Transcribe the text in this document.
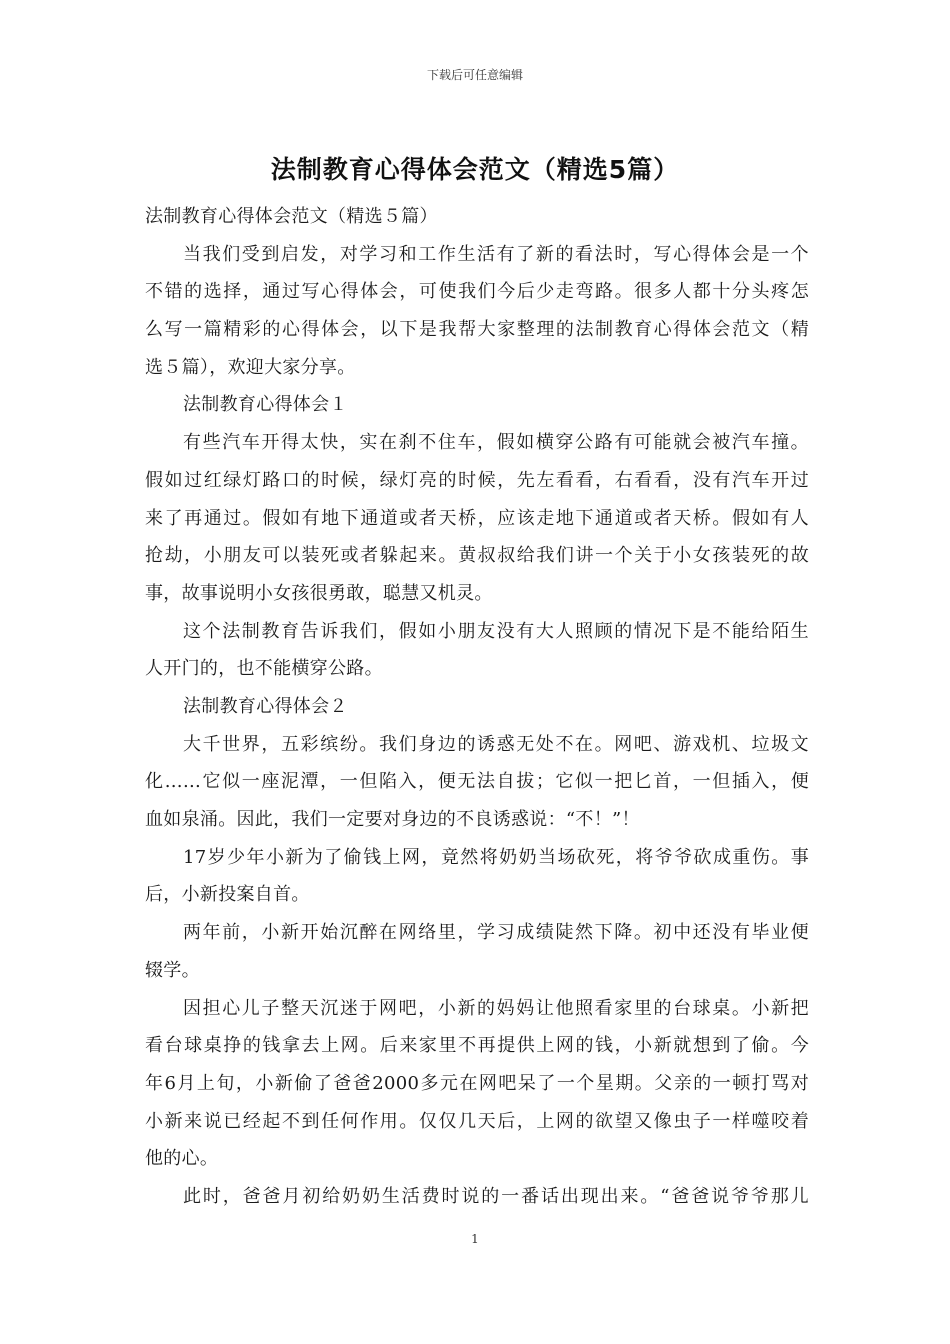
下载后可任意编辑
法制教育心得体会范文（精选5篇）
法制教育心得体会范文（精选５篇）
当我们受到启发，对学习和工作生活有了新的看法时，写心得体会是一个
不错的选择，通过写心得体会，可使我们今后少走弯路。很多人都十分头疼怎
么写一篇精彩的心得体会，以下是我帮大家整理的法制教育心得体会范文（精
选５篇），欢迎大家分享。
法制教育心得体会１
有些汽车开得太快，实在刹不住车，假如横穿公路有可能就会被汽车撞。
假如过红绿灯路口的时候，绿灯亮的时候，先左看看，右看看，没有汽车开过
来了再通过。假如有地下通道或者天桥，应该走地下通道或者天桥。假如有人
抢劫，小朋友可以装死或者躲起来。黄叔叔给我们讲一个关于小女孩装死的故
事，故事说明小女孩很勇敢，聪慧又机灵。
这个法制教育告诉我们，假如小朋友没有大人照顾的情况下是不能给陌生
人开门的，也不能横穿公路。
法制教育心得体会２
大千世界，五彩缤纷。我们身边的诱惑无处不在。网吧、游戏机、垃圾文
化……它似一座泥潭，一但陷入，便无法自拔；它似一把匕首，一但插入，便
血如泉涌。因此，我们一定要对身边的不良诱惑说：“不！”！
17岁少年小新为了偷钱上网，竟然将奶奶当场砍死，将爷爷砍成重伤。事
后，小新投案自首。
两年前，小新开始沉醉在网络里，学习成绩陡然下降。初中还没有毕业便
辍学。
因担心儿子整天沉迷于网吧，小新的妈妈让他照看家里的台球桌。小新把
看台球桌挣的钱拿去上网。后来家里不再提供上网的钱，小新就想到了偷。今
年6月上旬，小新偷了爸爸2000多元在网吧呆了一个星期。父亲的一顿打骂对
小新来说已经起不到任何作用。仅仅几天后，上网的欲望又像虫子一样噬咬着
他的心。
此时，爸爸月初给奶奶生活费时说的一番话出现出来。“爸爸说爷爷那儿
1
